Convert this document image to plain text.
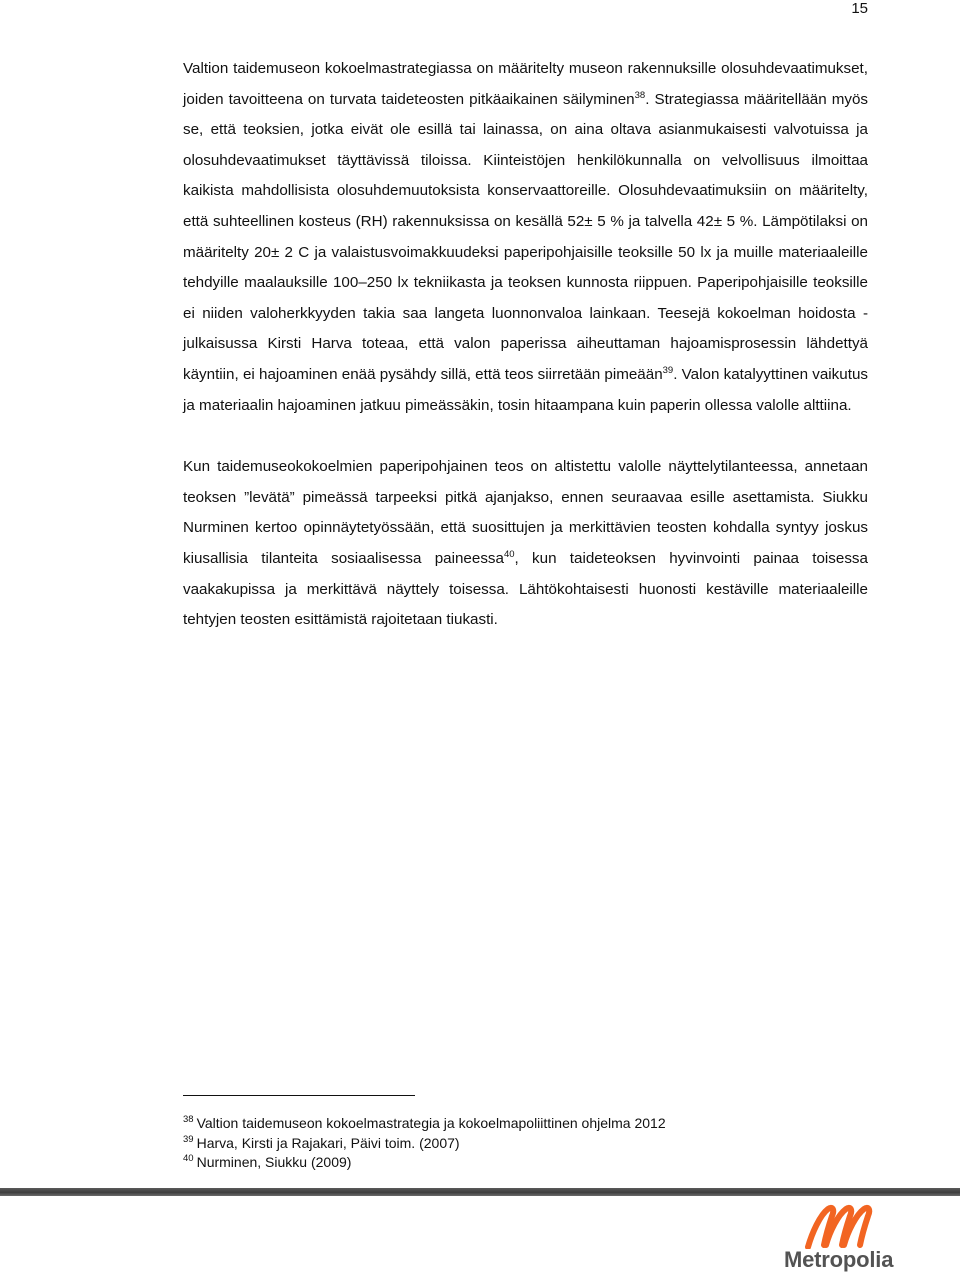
15

Valtion taidemuseon kokoelmastrategiassa on määritelty museon rakennuksille olosuhdevaatimukset, joiden tavoitteena on turvata taideteosten pitkäaikainen säilyminen$^{38}$. Strategiassa määritellään myös se, että teoksien, jotka eivät ole esillä tai lainassa, on aina oltava asianmukaisesti valvotuissa ja olosuhdevaatimukset täyttävissä tiloissa. Kiinteistöjen henkilökunnalla on velvollisuus ilmoittaa kaikista mahdollisista olosuhdemuutoksista konservaattoreille. Olosuhdevaatimuksiin on määritelty, että suhteellinen kosteus (RH) rakennuksissa on kesällä 52± 5 % ja talvella 42± 5 %. Lämpötilaksi on määritelty 20± 2 C ja valaistusvoimakkuudeksi paperipohjaisille teoksille 50 lx ja muille materiaaleille tehdyille maalauksille 100–250 lx tekniikasta ja teoksen kunnosta riippuen. Paperipohjaisille teoksille ei niiden valoherkkyyden takia saa langeta luonnonvaloa lainkaan. Teesejä kokoelman hoidosta -julkaisussa Kirsti Harva toteaa, että valon paperissa aiheuttaman hajoamisprosessin lähdettyä käyntiin, ei hajoaminen enää pysähdy sillä, että teos siirretään pimeään$^{39}$. Valon katalyyttinen vaikutus ja materiaalin hajoaminen jatkuu pimeässäkin, tosin hitaampana kuin paperin ollessa valolle alttiina.

Kun taidemuseokokoelmien paperipohjainen teos on altistettu valolle näyttelytilanteessa, annetaan teoksen ”levätä” pimeässä tarpeeksi pitkä ajanjakso, ennen seuraavaa esille asettamista. Siukku Nurminen kertoo opinnäytetyössään, että suosittujen ja merkittävien teosten kohdalla syntyy joskus kiusallisia tilanteita sosiaalisessa paineessa$^{40}$, kun taideteoksen hyvinvointi painaa toisessa vaakakupissa ja merkittävä näyttely toisessa. Lähtökohtaisesti huonosti kestäville materiaaleille tehtyjen teosten esittämistä rajoitetaan tiukasti.

$^{38}$ Valtion taidemuseon kokoelmastrategia ja kokoelmapoliittinen ohjelma 2012
$^{39}$ Harva, Kirsti ja Rajakari, Päivi toim. (2007)
$^{40}$ Nurminen, Siukku (2009)
Metropolia
